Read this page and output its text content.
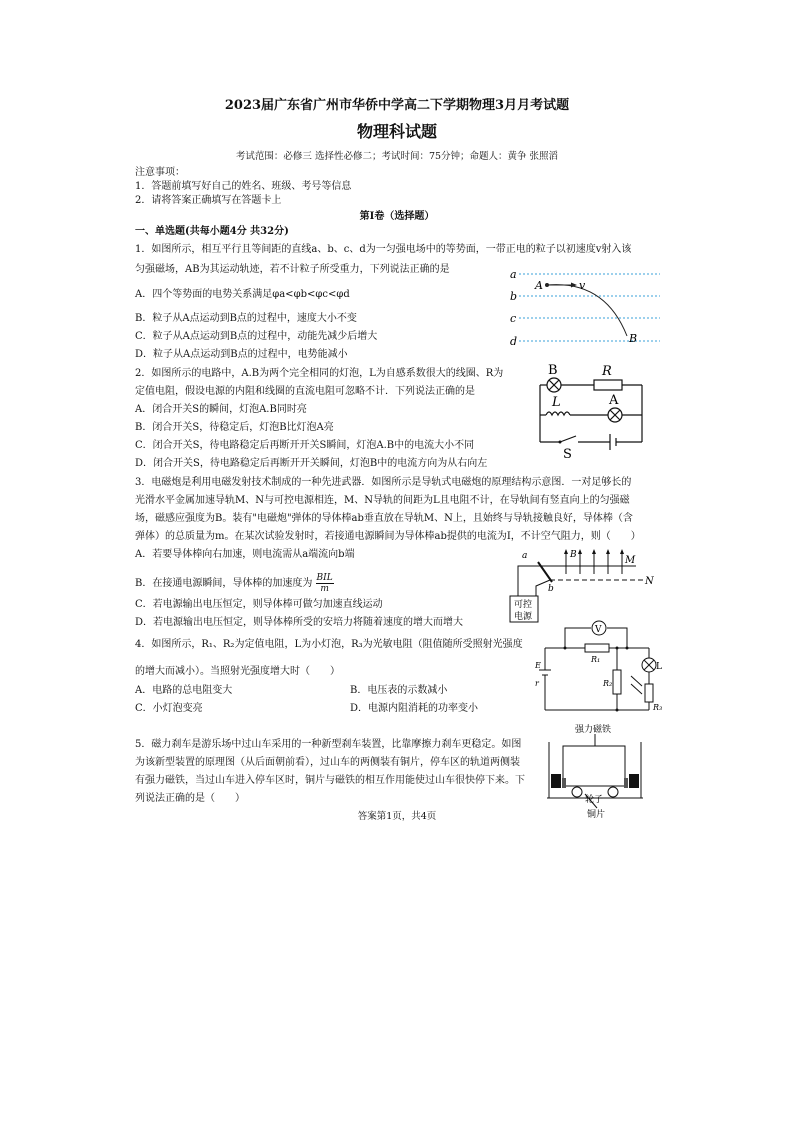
2023届广东省广州市华侨中学高二下学期物理3月月考试题
物理科试题
考试范围：必修三 选择性必修二；考试时间：75分钟；命题人：黄争 张照滔
注意事项：
1．答题前填写好自己的姓名、班级、考号等信息
2．请将答案正确填写在答题卡上
第Ⅰ卷（选择题）
一、单选题(共每小题4分 共32分)
1．如图所示，相互平行且等间距的直线a、b、c、d为一匀强电场中的等势面，一带正电的粒子以初速度v射入该
匀强磁场，AB为其运动轨迹，若不计粒子所受重力，下列说法正确的是
A．四个等势面的电势关系满足φa<φb<φc<φd
B．粒子从A点运动到B点的过程中，速度大小不变
C．粒子从A点运动到B点的过程中，动能先减少后增大
D．粒子从A点运动到B点的过程中，电势能减小
a
b
c
d
A	v
B
2．如图所示的电路中，A.B为两个完全相同的灯泡，L为自感系数很大的线圈、R为
定值电阻，假设电源的内阻和线圈的直流电阻可忽略不计．下列说法正确的是
A．闭合开关S的瞬间，灯泡A.B同时亮
B．闭合开关S，待稳定后，灯泡B比灯泡A亮
C．闭合开关S，待电路稳定后再断开开关S瞬间，灯泡A.B中的电流大小不同
D．闭合开关S，待电路稳定后再断开开关瞬间，灯泡B中的电流方向为从右向左
B	R
L	A
S
3．电磁炮是利用电磁发射技术制成的一种先进武器．如图所示是导轨式电磁炮的原理结构示意图．一对足够长的
光滑水平金属加速导轨M、N与可控电源相连，M、N导轨的间距为L且电阻不计，在导轨间有竖直向上的匀强磁
场，磁感应强度为B。装有"电磁炮"弹体的导体棒ab垂直放在导轨M、N上，且始终与导轨接触良好，导体棒（含
弹体）的总质量为m。在某次试验发射时，若接通电源瞬间为导体棒ab提供的电流为I，不计空气阻力，则（　　）
A．若要导体棒向右加速，则电流需从a端流向b端
B．在接通电源瞬间，导体棒的加速度为 BIL
m
C．若电源输出电压恒定，则导体棒可做匀加速直线运动
D．若电源输出电压恒定，则导体棒所受的安培力将随着速度的增大而增大
a
b
B	M
N
可控
电源
4．如图所示，R₁、R₂为定值电阻，L为小灯泡，R₃为光敏电阻（阻值随所受照射光强度
的增大而减小）。当照射光强度增大时（　　）
A．电路的总电阻变大	B．电压表的示数减小
C．小灯泡变亮	D．电源内阻消耗的功率变小
V
R₁
R₂
L
R₃
E
r
5．磁力刹车是游乐场中过山车采用的一种新型刹车装置，比靠摩擦力刹车更稳定。如图
为该新型装置的原理图（从后面朝前看），过山车的两侧装有铜片，停车区的轨道两侧装
有强力磁铁，当过山车进入停车区时，铜片与磁铁的相互作用能使过山车很快停下来。下
列说法正确的是（　　）
强力磁铁
轮子
铜片
答案第1页，共4页
